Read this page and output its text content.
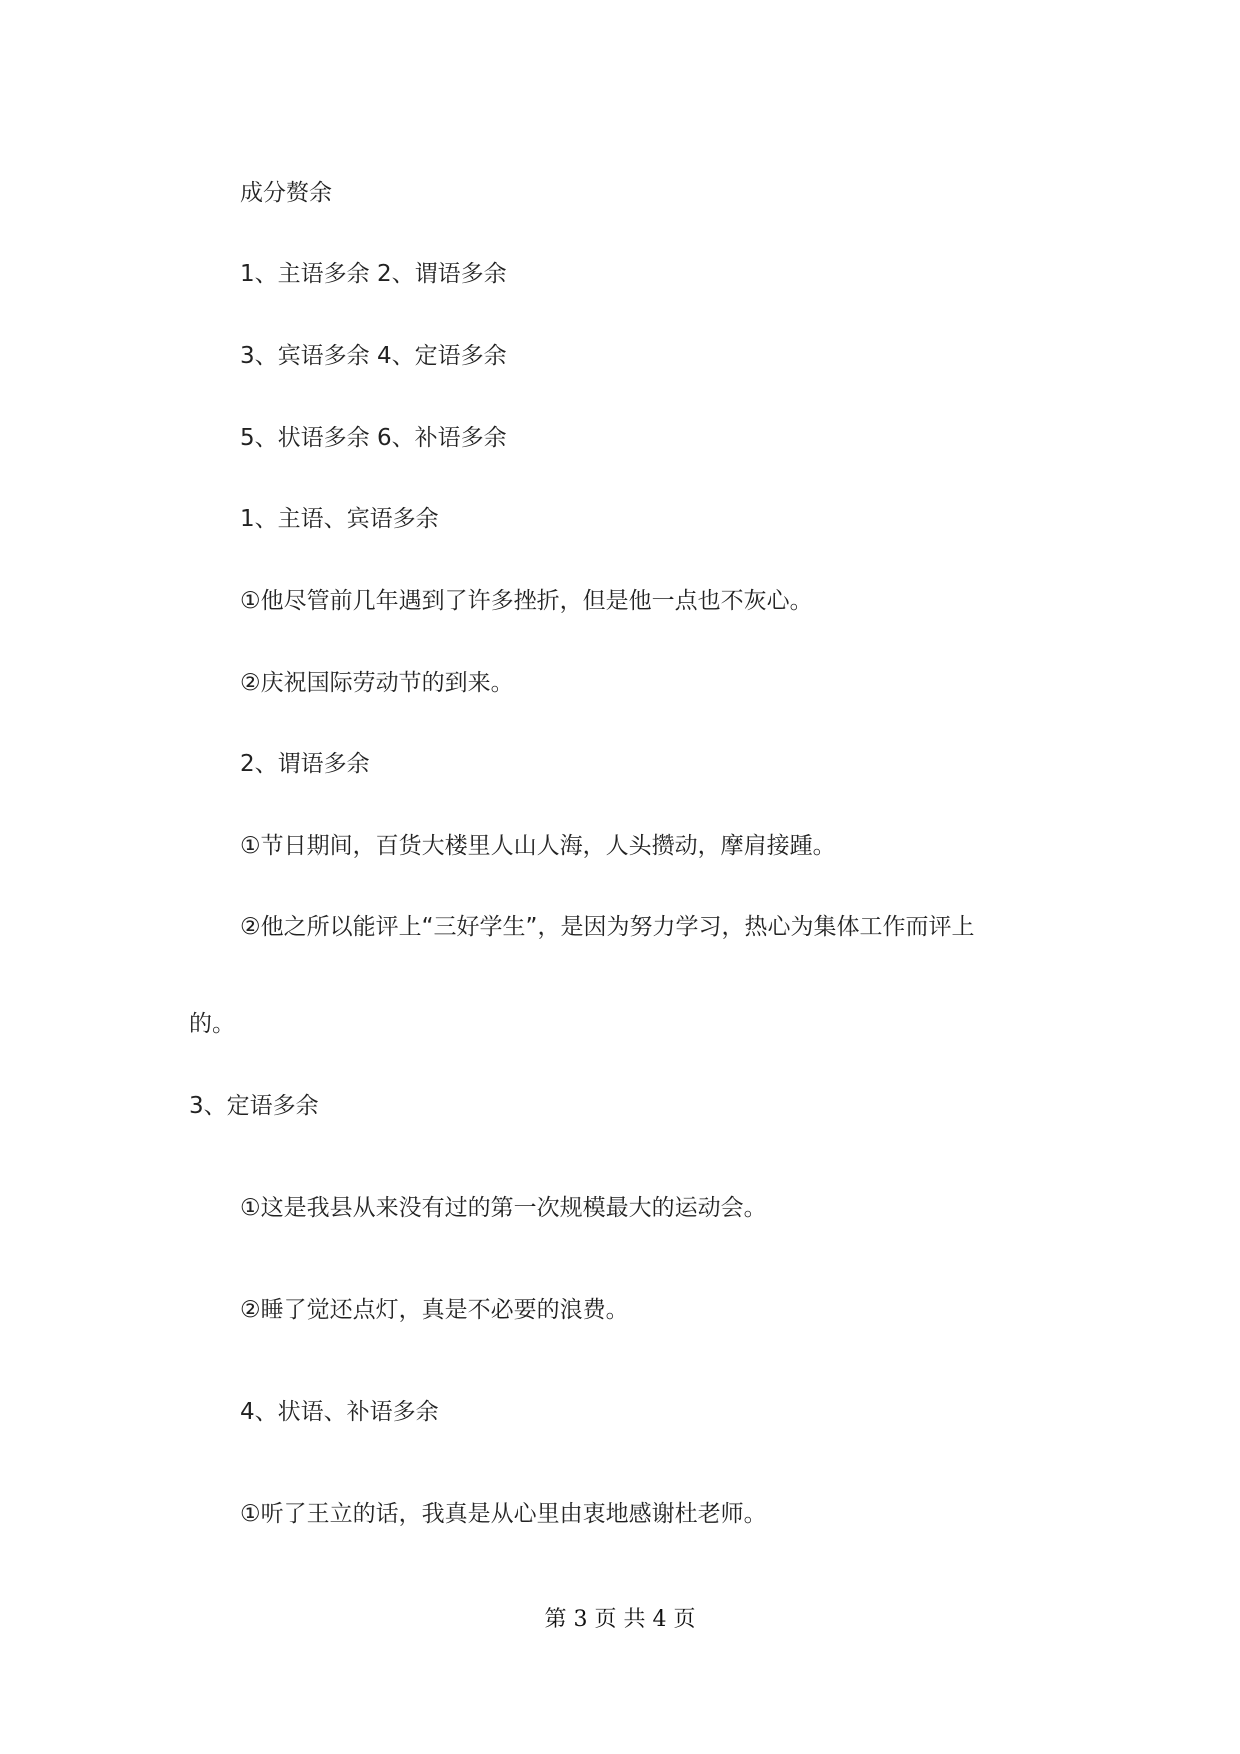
成分赘余
1、主语多余 2、谓语多余
3、宾语多余 4、定语多余
5、状语多余 6、补语多余
1、主语、宾语多余
①他尽管前几年遇到了许多挫折，但是他一点也不灰心。
②庆祝国际劳动节的到来。
2、谓语多余
①节日期间，百货大楼里人山人海，人头攒动，摩肩接踵。
②他之所以能评上“三好学生”，是因为努力学习，热心为集体工作而评上
的。
3、定语多余
①这是我县从来没有过的第一次规模最大的运动会。
②睡了觉还点灯，真是不必要的浪费。
4、状语、补语多余
①听了王立的话，我真是从心里由衷地感谢杜老师。
第 3 页 共 4 页
